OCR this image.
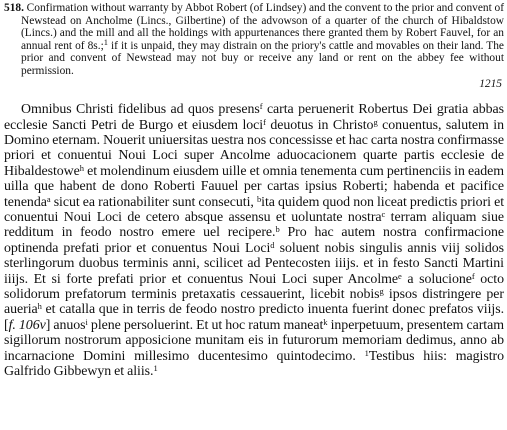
518. Confirmation without warranty by Abbot Robert (of Lindsey) and the convent to the prior and convent of Newstead on Ancholme (Lincs., Gilbertine) of the advowson of a quarter of the church of Hibaldstow (Lincs.) and the mill and all the holdings with appurtenances there granted them by Robert Fauvel, for an annual rent of 8s.;$^1$ if it is unpaid, they may distrain on the priory's cattle and movables on their land. The prior and convent of Newstead may not buy or receive any land or rent on the abbey fee without permission.

1215

Omnibus Christi fidelibus ad quos presens$^f$ carta peruenerit Robertus Dei gratia abbas ecclesie Sancti Petri de Burgo et eiusdem loci$^f$ deuotus in Christo$^g$ conuentus, salutem in Domino eternam. Nouerit uniuersitas uestra nos concessisse et hac carta nostra confirmasse priori et conuentui Noui Loci super Ancolme aduocacionem quarte partis ecclesie de Hibaldestowe$^h$ et molendinum eiusdem uille et omnia tenementa cum pertinenciis in eadem uilla que habent de dono Roberti Fauuel per cartas ipsius Roberti; habenda et pacifice tenenda$^a$ sicut ea rationabiliter sunt consecuti, $^b$ita quidem quod non liceat predictis priori et conuentui Noui Loci de cetero absque assensu et uoluntate nostra$^c$ terram aliquam siue redditum in feodo nostro emere uel recipere.$^b$ Pro hac autem nostra confirmacione optinenda prefati prior et conuentus Noui Loci$^d$ soluent nobis singulis annis viij solidos sterlingorum duobus terminis anni, scilicet ad Pentecosten iiijs. et in festo Sancti Martini iiijs. Et si forte prefati prior et conuentus Noui Loci super Ancolme$^e$ a solucione$^f$ octo solidorum prefatorum terminis pretaxatis cessauerint, licebit nobis$^g$ ipsos distringere per aueria$^h$ et catalla que in terris de feodo nostro predicto inuenta fuerint donec prefatos viijs. [f. 106v] anuos$^i$ plene persoluerint. Et ut hoc ratum maneat$^k$ inperpetuum, presentem cartam sigillorum nostrorum apposicione munitam eis in futurorum memoriam dedimus, anno ab incarnacione Domini millesimo ducentesimo quintodecimo. $^1$Testibus hiis: magistro Galfrido Gibbewyn et aliis.$^1$
